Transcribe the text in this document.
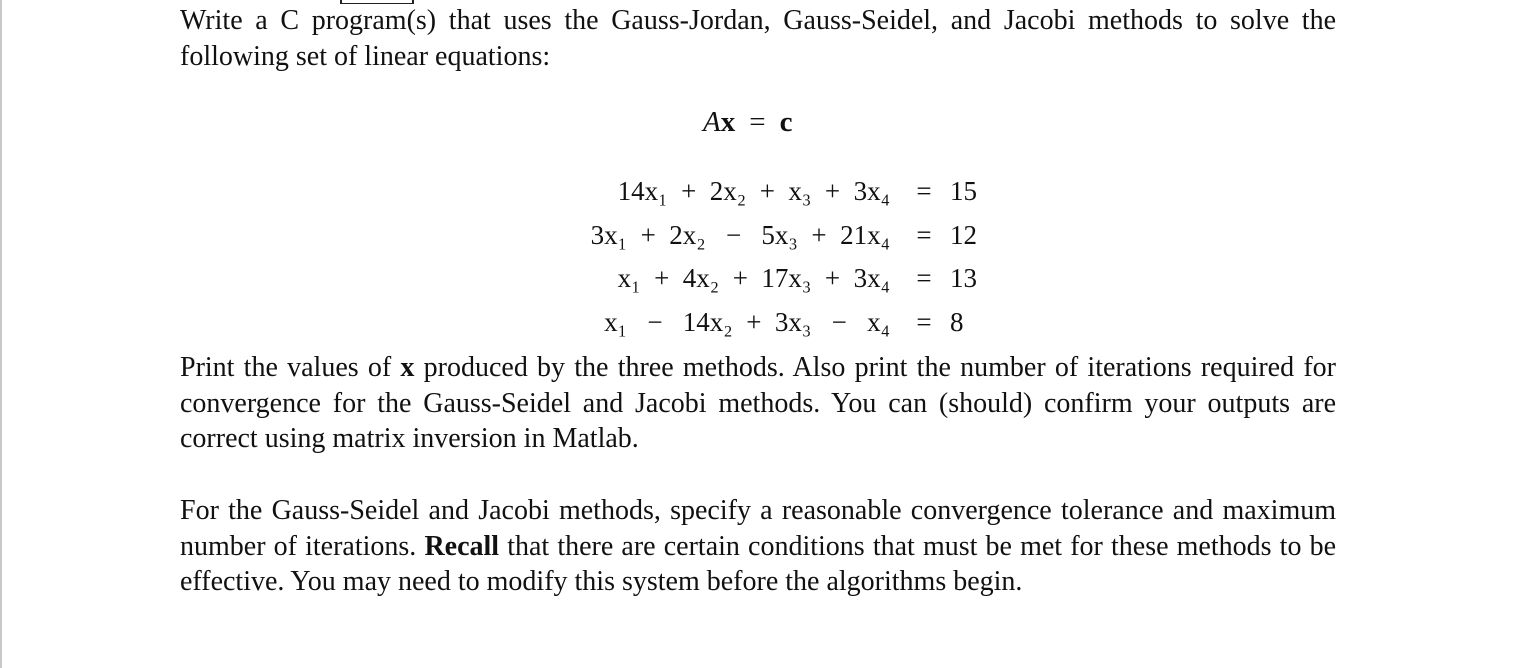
Write a C program(s) that uses the Gauss-Jordan, Gauss-Seidel, and Jacobi methods to solve the following set of linear equations:

Ax = c
14x₁  +  2x₂  +  x₃  +  3x₄	=	15
3x₁  +  2x₂   −   5x₃  +  21x₄	=	12
x₁  +  4x₂  +  17x₃  +  3x₄	=	13
x₁   −   14x₂  +  3x₃   −   x₄	=	8

Print the values of x produced by the three methods. Also print the number of iterations required for convergence for the Gauss-Seidel and Jacobi methods. You can (should) confirm your outputs are correct using matrix inversion in Matlab.

For the Gauss-Seidel and Jacobi methods, specify a reasonable convergence tolerance and maximum number of iterations. Recall that there are certain conditions that must be met for these methods to be effective. You may need to modify this system before the algorithms begin.
